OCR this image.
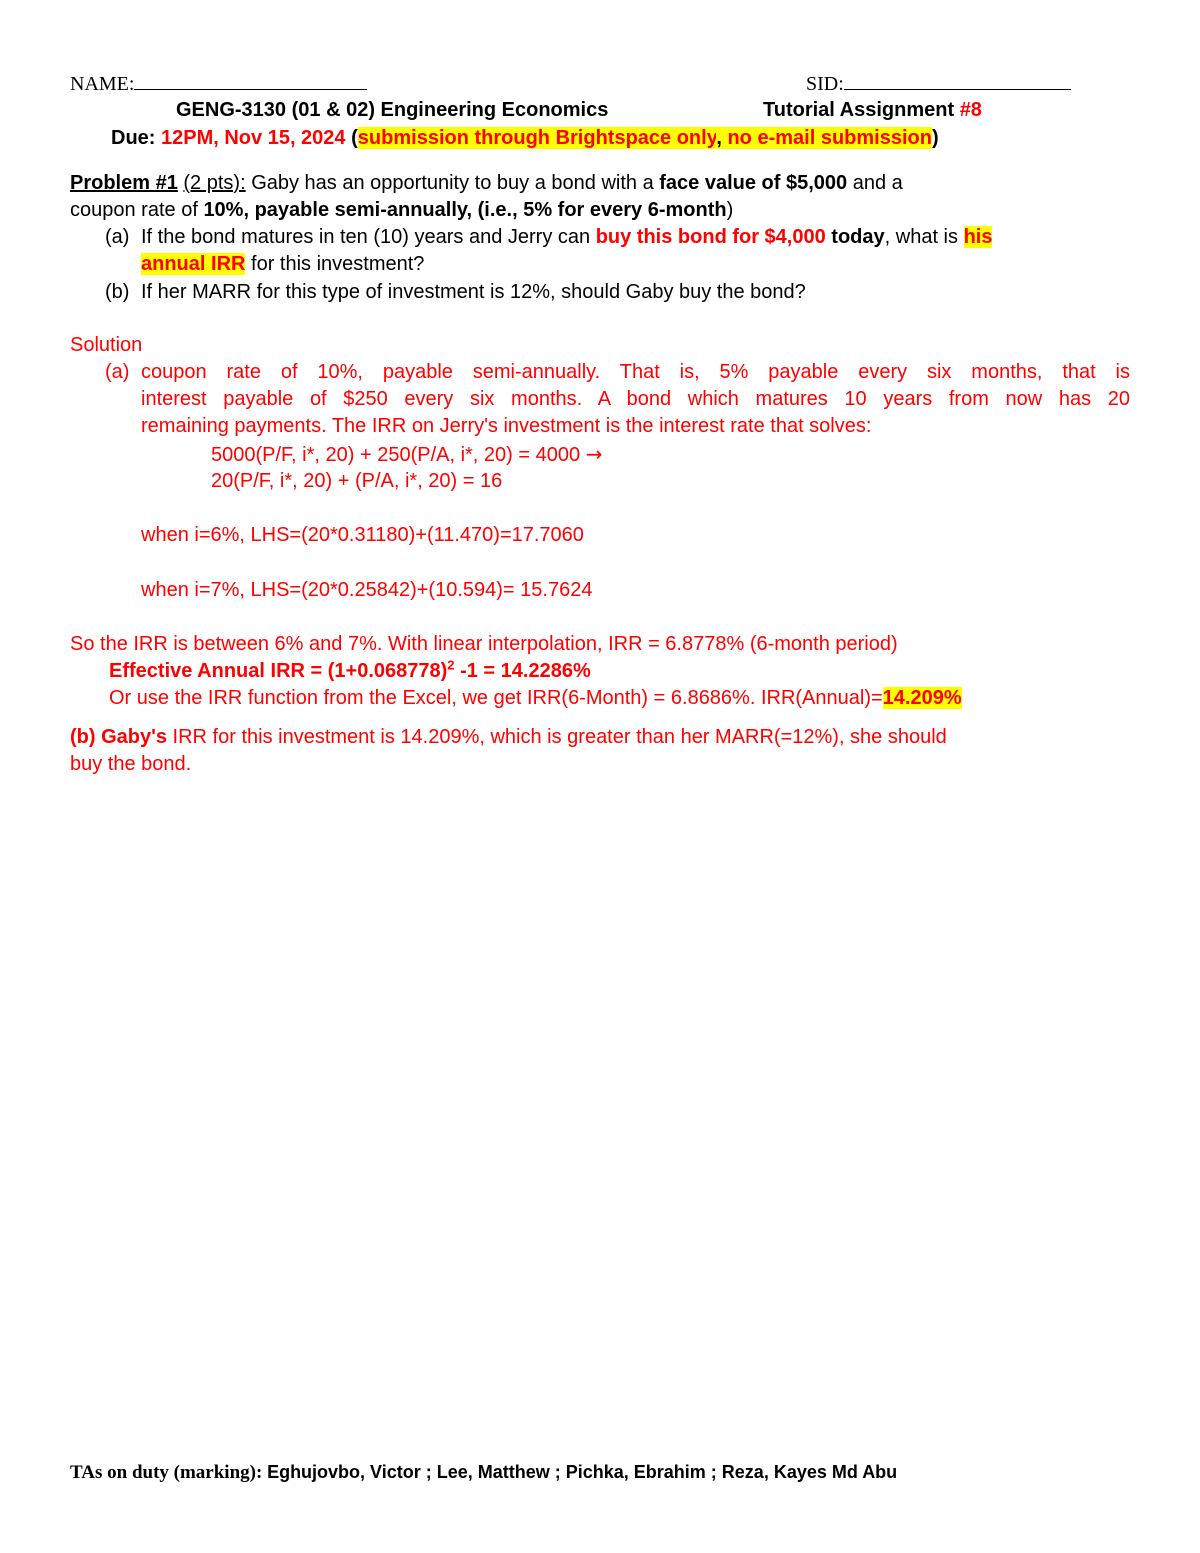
NAME:	SID:
GENG-3130 (01 & 02) Engineering Economics	Tutorial Assignment #8
Due: 12PM, Nov 15, 2024 (submission through Brightspace only, no e-mail submission)
Problem #1 (2 pts): Gaby has an opportunity to buy a bond with a face value of $5,000 and a
coupon rate of 10%, payable semi-annually, (i.e., 5% for every 6-month)
(a) If the bond matures in ten (10) years and Jerry can buy this bond for $4,000 today, what is his
annual IRR for this investment?
(b) If her MARR for this type of investment is 12%, should Gaby buy the bond?
Solution
(a) coupon rate of 10%, payable semi-annually. That is, 5% payable every six months, that is
interest payable of $250 every six months. A bond which matures 10 years from now has 20
remaining payments. The IRR on Jerry's investment is the interest rate that solves:
5000(P/F, i*, 20) + 250(P/A, i*, 20) = 4000 →
20(P/F, i*, 20) + (P/A, i*, 20) = 16
when i=6%, LHS=(20*0.31180)+(11.470)=17.7060
when i=7%, LHS=(20*0.25842)+(10.594)= 15.7624
So the IRR is between 6% and 7%. With linear interpolation, IRR = 6.8778% (6-month period)
Effective Annual IRR = $(1+0.068778)^2$ -1 = 14.2286%
Or use the IRR function from the Excel, we get IRR(6-Month) = 6.8686%. IRR(Annual)=14.209%
(b) Gaby's IRR for this investment is 14.209%, which is greater than her MARR(=12%), she should
buy the bond.
TAs on duty (marking): Eghujovbo, Victor ; Lee, Matthew ; Pichka, Ebrahim ; Reza, Kayes Md Abu
